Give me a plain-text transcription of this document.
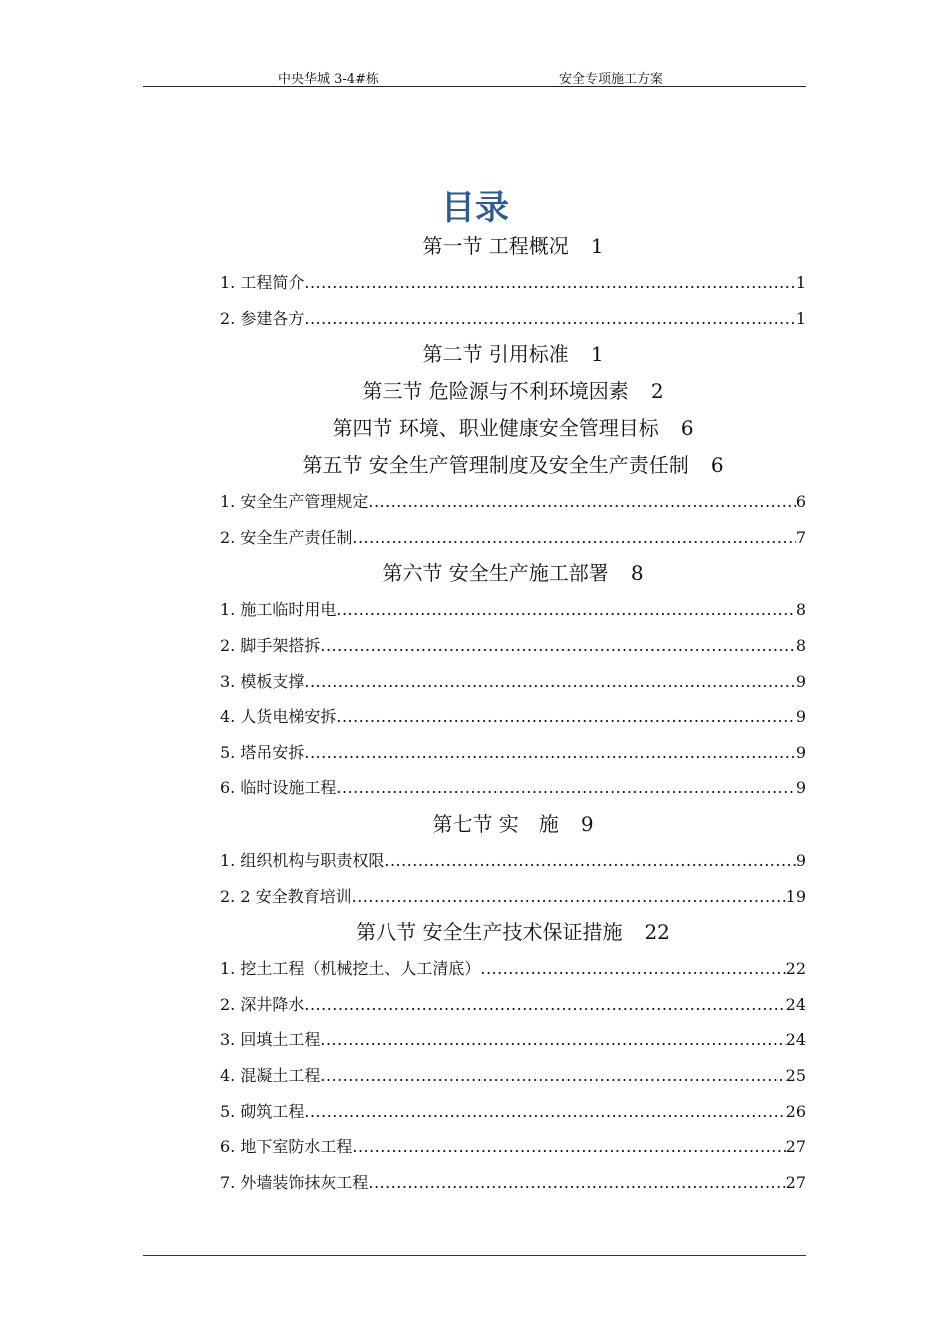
中央华城 3-4#栋	安全专项施工方案
目录
第一节 工程概况 1
1. 工程简介 .....	1
2. 参建各方 .....	1
第二节 引用标准 1
第三节 危险源与不利环境因素 2
第四节 环境、职业健康安全管理目标 6
第五节 安全生产管理制度及安全生产责任制 6
1. 安全生产管理规定 .....	6
2. 安全生产责任制 .....	7
第六节 安全生产施工部署 8
1. 施工临时用电 .....	8
2. 脚手架搭拆 .....	8
3. 模板支撑 .....	9
4. 人货电梯安拆 .....	9
5. 塔吊安拆 .....	9
6. 临时设施工程 .....	9
第七节 实　施 9
1. 组织机构与职责权限 .....	9
2. 2 安全教育培训 .....	19
第八节 安全生产技术保证措施 22
1. 挖土工程（机械挖土、人工清底） .....	22
2. 深井降水 .....	24
3. 回填土工程 .....	24
4. 混凝土工程 .....	25
5. 砌筑工程 .....	26
6. 地下室防水工程 .....	27
7. 外墙装饰抹灰工程 .....	27
